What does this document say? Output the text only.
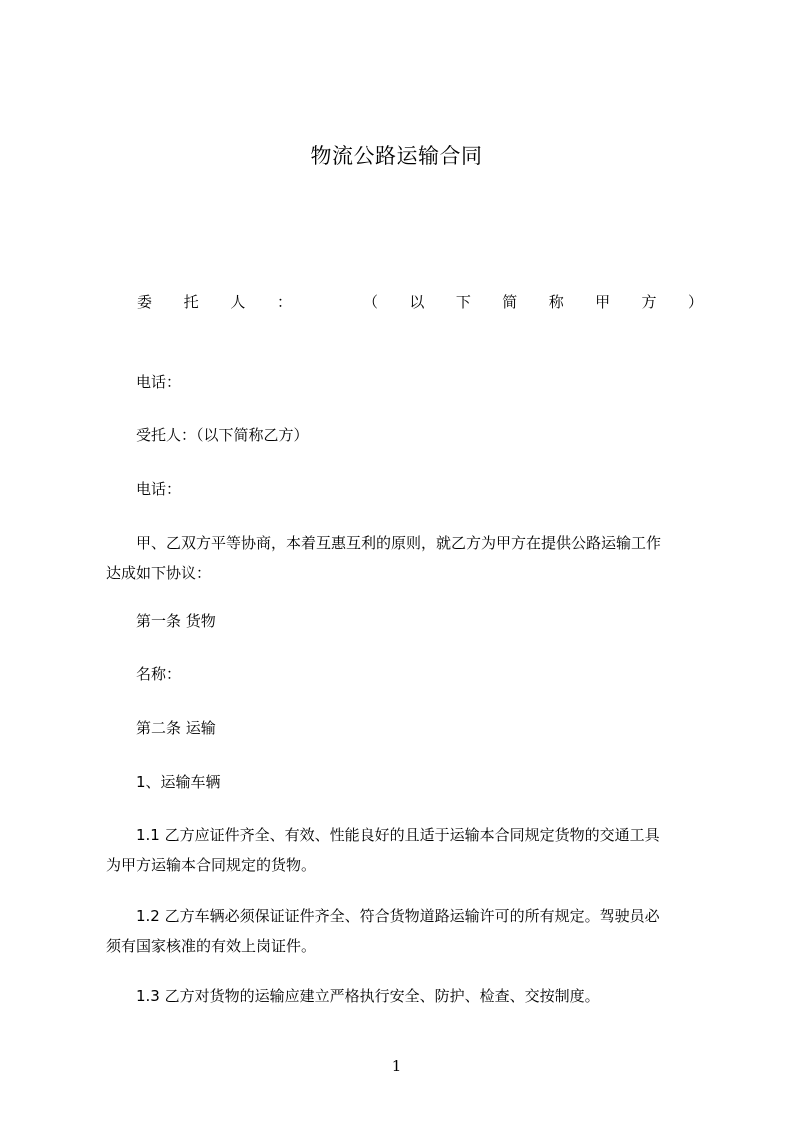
物流公路运输合同
委 托 人 ：	（ 以 下 简 称 甲 方 ）
电话：
受托人：（以下简称乙方）
电话：
甲、乙双方平等协商，本着互惠互利的原则，就乙方为甲方在提供公路运输工作
达成如下协议：
第一条 货物
名称：
第二条 运输
1、运输车辆
1.1 乙方应证件齐全、有效、性能良好的且适于运输本合同规定货物的交通工具
为甲方运输本合同规定的货物。
1.2 乙方车辆必须保证证件齐全、符合货物道路运输许可的所有规定。驾驶员必
须有国家核准的有效上岗证件。
1.3 乙方对货物的运输应建立严格执行安全、防护、检查、交按制度。
1
